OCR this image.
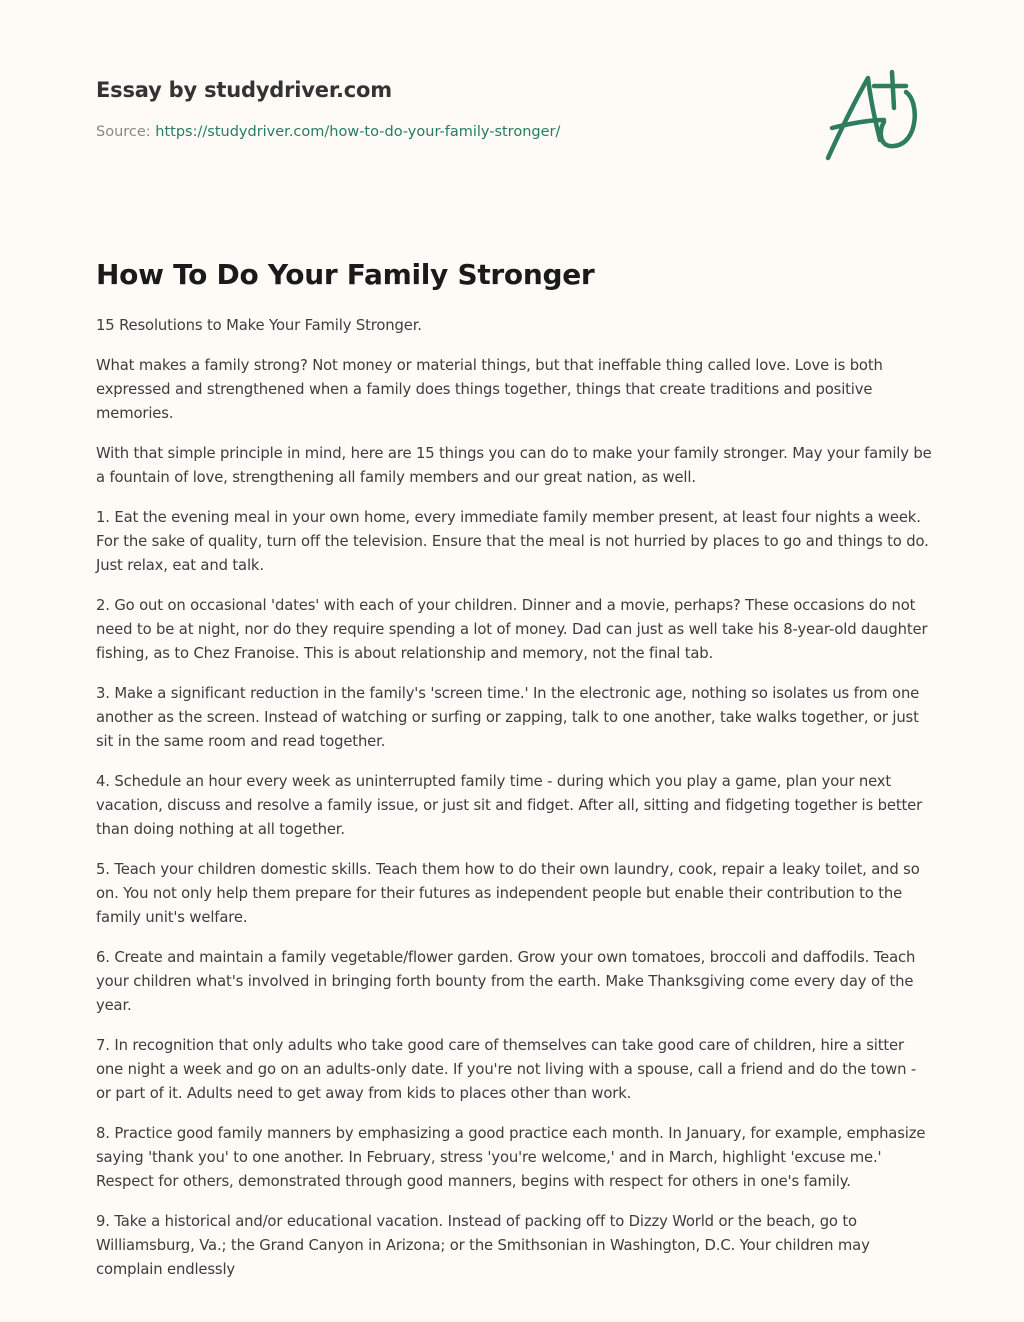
Essay by studydriver.com
Source: https://studydriver.com/how-to-do-your-family-stronger/
How To Do Your Family Stronger

15 Resolutions to Make Your Family Stronger.

What makes a family strong? Not money or material things, but that ineffable thing called love. Love is both expressed and strengthened when a family does things together, things that create traditions and positive memories.

With that simple principle in mind, here are 15 things you can do to make your family stronger. May your family be a fountain of love, strengthening all family members and our great nation, as well.

1. Eat the evening meal in your own home, every immediate family member present, at least four nights a week. For the sake of quality, turn off the television. Ensure that the meal is not hurried by places to go and things to do. Just relax, eat and talk.

2. Go out on occasional 'dates' with each of your children. Dinner and a movie, perhaps? These occasions do not need to be at night, nor do they require spending a lot of money. Dad can just as well take his 8-year-old daughter fishing, as to Chez Franoise. This is about relationship and memory, not the final tab.

3. Make a significant reduction in the family's 'screen time.' In the electronic age, nothing so isolates us from one another as the screen. Instead of watching or surfing or zapping, talk to one another, take walks together, or just sit in the same room and read together.

4. Schedule an hour every week as uninterrupted family time - during which you play a game, plan your next vacation, discuss and resolve a family issue, or just sit and fidget. After all, sitting and fidgeting together is better than doing nothing at all together.

5. Teach your children domestic skills. Teach them how to do their own laundry, cook, repair a leaky toilet, and so on. You not only help them prepare for their futures as independent people but enable their contribution to the family unit's welfare.

6. Create and maintain a family vegetable/flower garden. Grow your own tomatoes, broccoli and daffodils. Teach your children what's involved in bringing forth bounty from the earth. Make Thanksgiving come every day of the year.

7. In recognition that only adults who take good care of themselves can take good care of children, hire a sitter one night a week and go on an adults-only date. If you're not living with a spouse, call a friend and do the town - or part of it. Adults need to get away from kids to places other than work.

8. Practice good family manners by emphasizing a good practice each month. In January, for example, emphasize saying 'thank you' to one another. In February, stress 'you're welcome,' and in March, highlight 'excuse me.' Respect for others, demonstrated through good manners, begins with respect for others in one's family.

9. Take a historical and/or educational vacation. Instead of packing off to Dizzy World or the beach, go to Williamsburg, Va.; the Grand Canyon in Arizona; or the Smithsonian in Washington, D.C. Your children may complain endlessly
